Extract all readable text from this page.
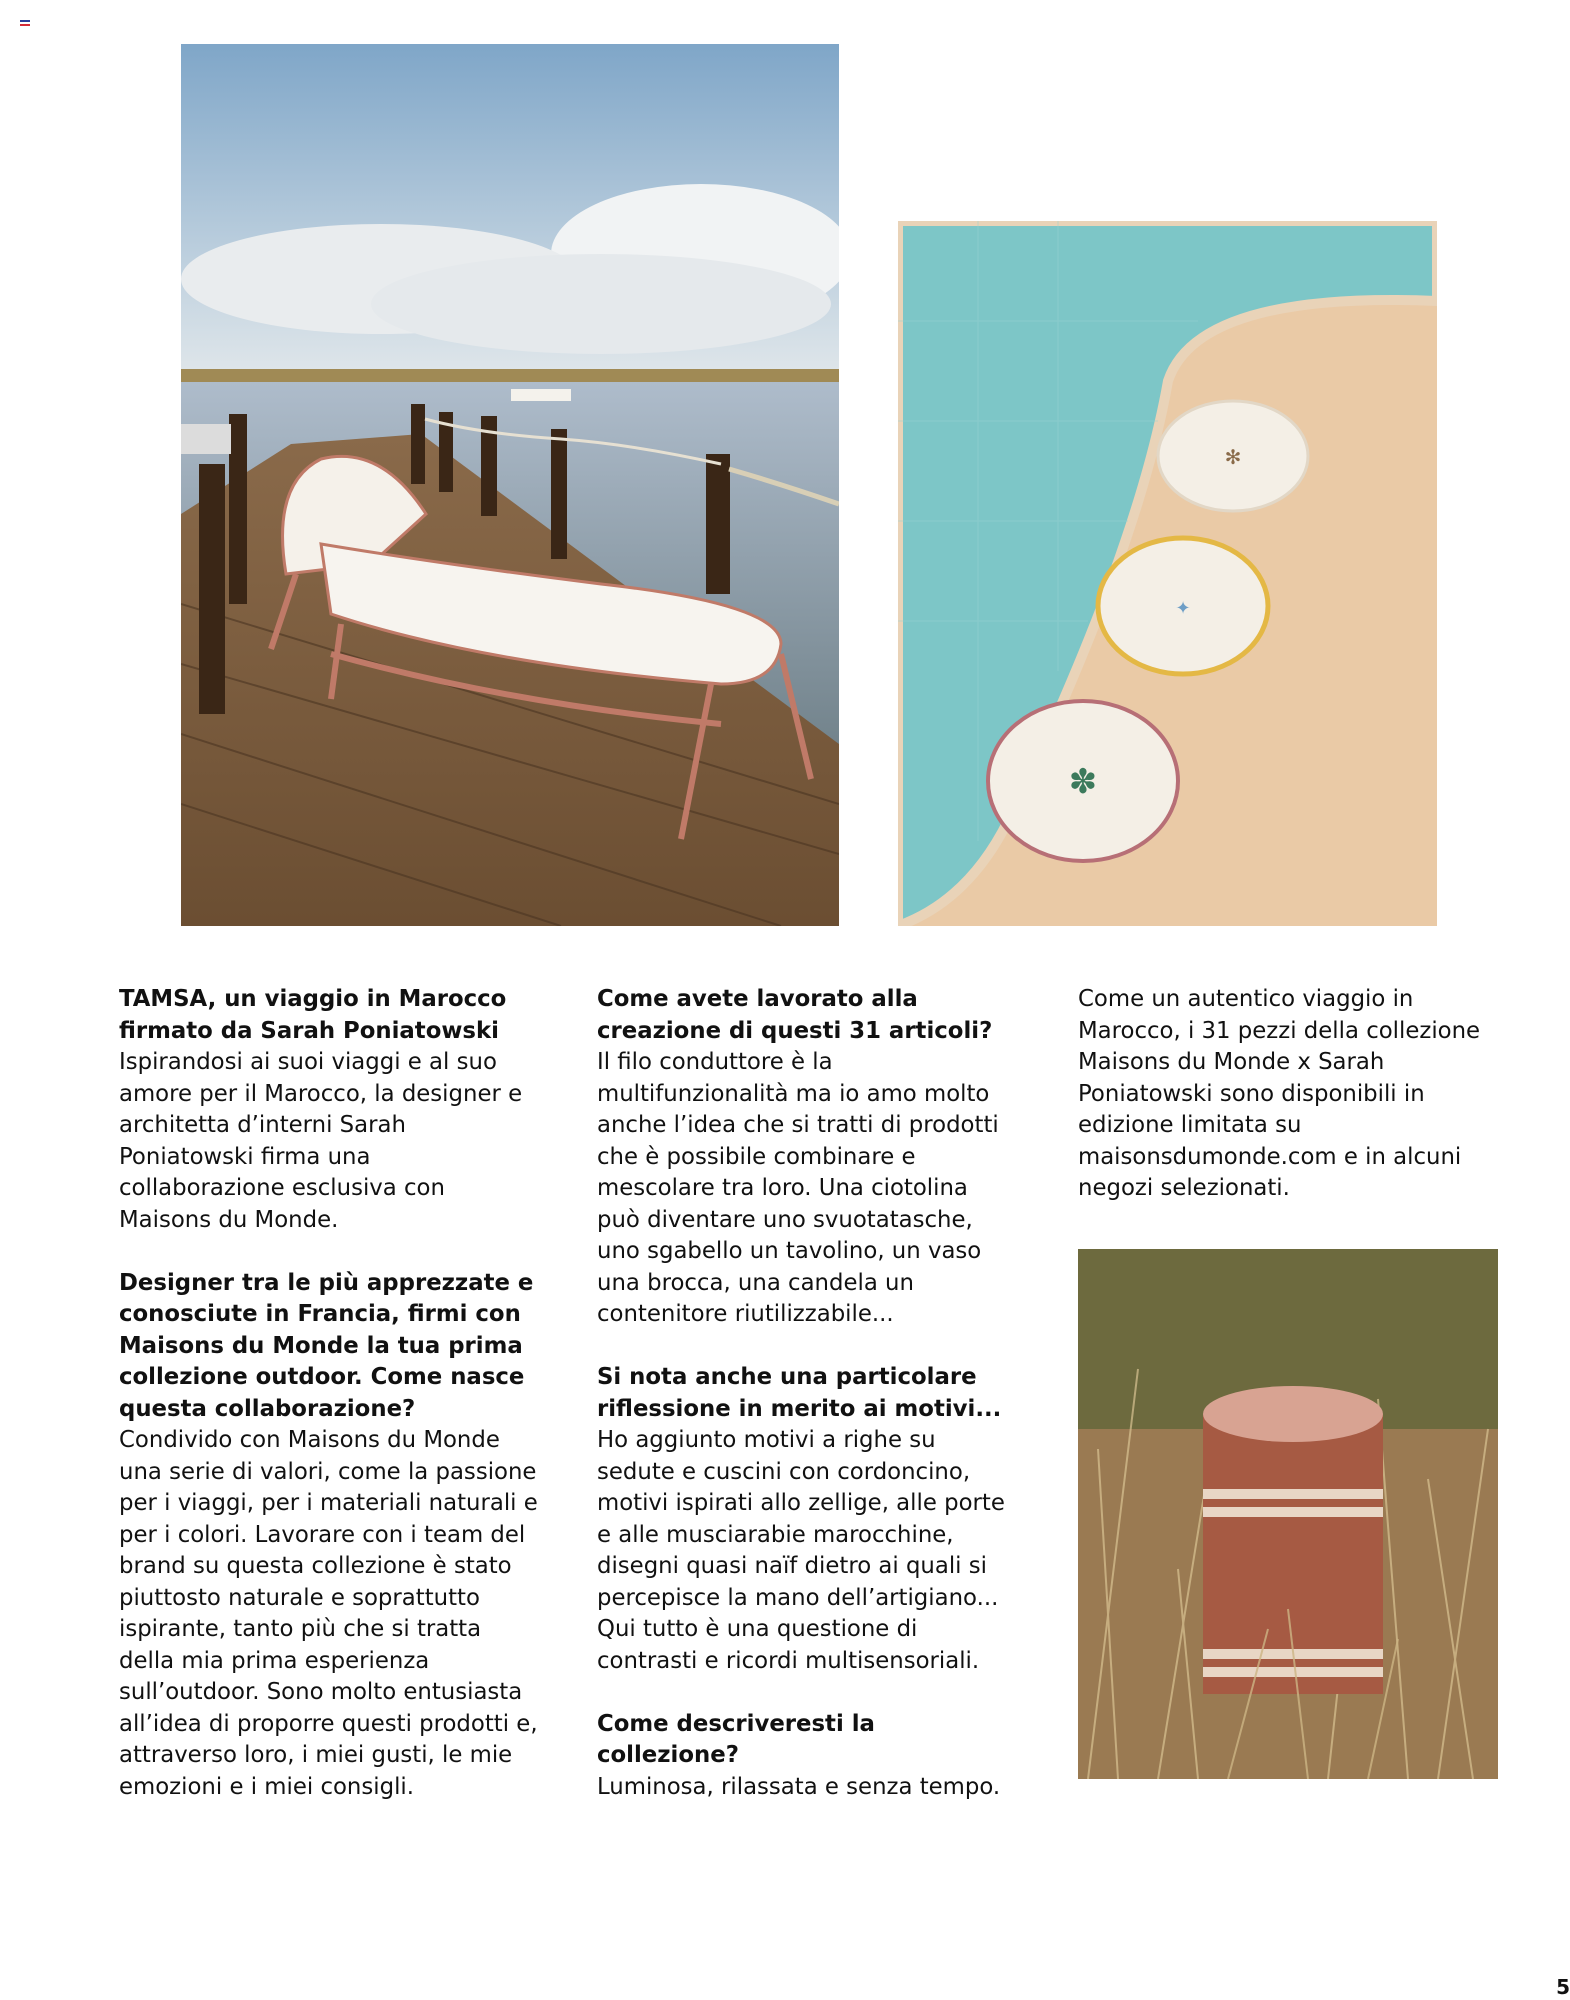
✻
✦
✽
TAMSA, un viaggio in Marocco firmato da Sarah Poniatowski

Ispirandosi ai suoi viaggi e al suo amore per il Marocco, la designer e architetta d’interni Sarah Poniatowski firma una collaborazione esclusiva con Maisons du Monde.

Designer tra le più apprezzate e conosciute in Francia, firmi con Maisons du Monde la tua prima collezione outdoor. Come nasce questa collaborazione?

Condivido con Maisons du Monde una serie di valori, come la passione per i viaggi, per i materiali naturali e per i colori. Lavorare con i team del brand su questa collezione è stato piuttosto naturale e soprattutto ispirante, tanto più che si tratta della mia prima esperienza sull’outdoor. Sono molto entusiasta all’idea di proporre questi prodotti e, attraverso loro, i miei gusti, le mie emozioni e i miei consigli.

Come avete lavorato alla creazione di questi 31 articoli?

Il filo conduttore è la multifunzionalità ma io amo molto anche l’idea che si tratti di prodotti che è possibile combinare e mescolare tra loro. Una ciotolina può diventare uno svuotatasche, uno sgabello un tavolino, un vaso una brocca, una candela un contenitore riutilizzabile...

Si nota anche una particolare riflessione in merito ai motivi...

Ho aggiunto motivi a righe su sedute e cuscini con cordoncino, motivi ispirati allo zellige, alle porte e alle musciarabie marocchine, disegni quasi naïf dietro ai quali si percepisce la mano dell’artigiano... Qui tutto è una questione di contrasti e ricordi multisensoriali.

Come descriveresti la collezione?

Luminosa, rilassata e senza tempo.

Come un autentico viaggio in Marocco, i 31 pezzi della collezione Maisons du Monde x Sarah Poniatowski sono disponibili in edizione limitata su maisonsdumonde.com e in alcuni negozi selezionati.

5
